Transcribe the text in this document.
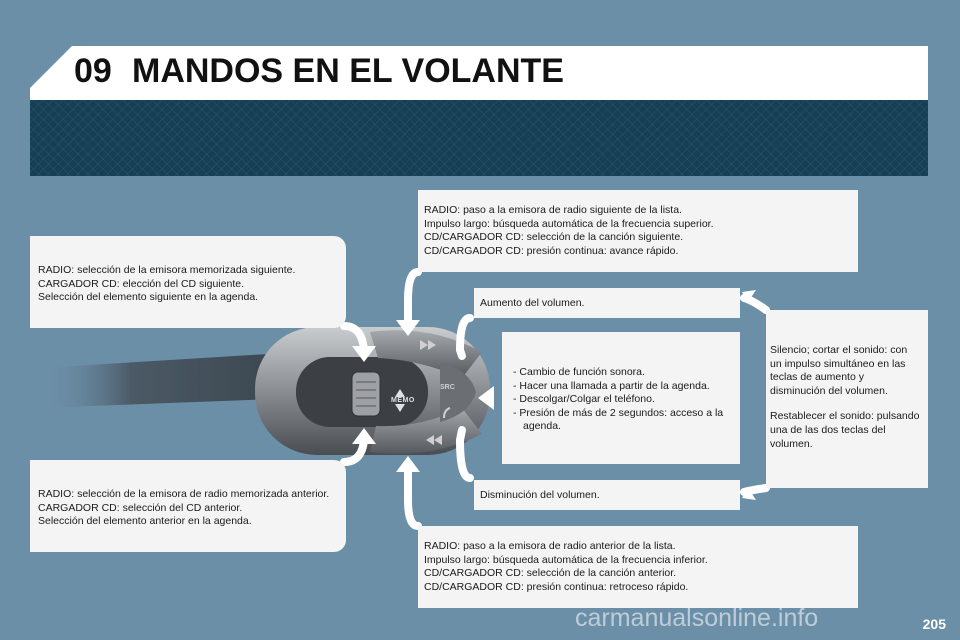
09 MANDOS EN EL VOLANTE

RADIO: selección de la emisora memorizada siguiente.

CARGADOR CD: elección del CD siguiente.

Selección del elemento siguiente en la agenda.

RADIO: selección de la emisora de radio memorizada anterior.

CARGADOR CD: selección del CD anterior.

Selección del elemento anterior en la agenda.

RADIO: paso a la emisora de radio siguiente de la lista.

Impulso largo: búsqueda automática de la frecuencia superior.

CD/CARGADOR CD: selección de la canción siguiente.

CD/CARGADOR CD: presión continua: avance rápido.

RADIO: paso a la emisora de radio anterior de la lista.

Impulso largo: búsqueda automática de la frecuencia inferior.

CD/CARGADOR CD: selección de la canción anterior.

CD/CARGADOR CD: presión continua: retroceso rápido.

Aumento del volumen.

Disminución del volumen.

- Cambio de función sonora.

- Hacer una llamada a partir de la agenda.

- Descolgar/Colgar el teléfono.

- Presión de más de 2 segundos: acceso a la agenda.

Silencio; cortar el sonido: con un impulso simultáneo en las teclas de aumento y disminución del volumen.

Restablecer el sonido: pulsando una de las dos teclas del volumen.

MEMO
SRC
carmanualsonline.info	205
